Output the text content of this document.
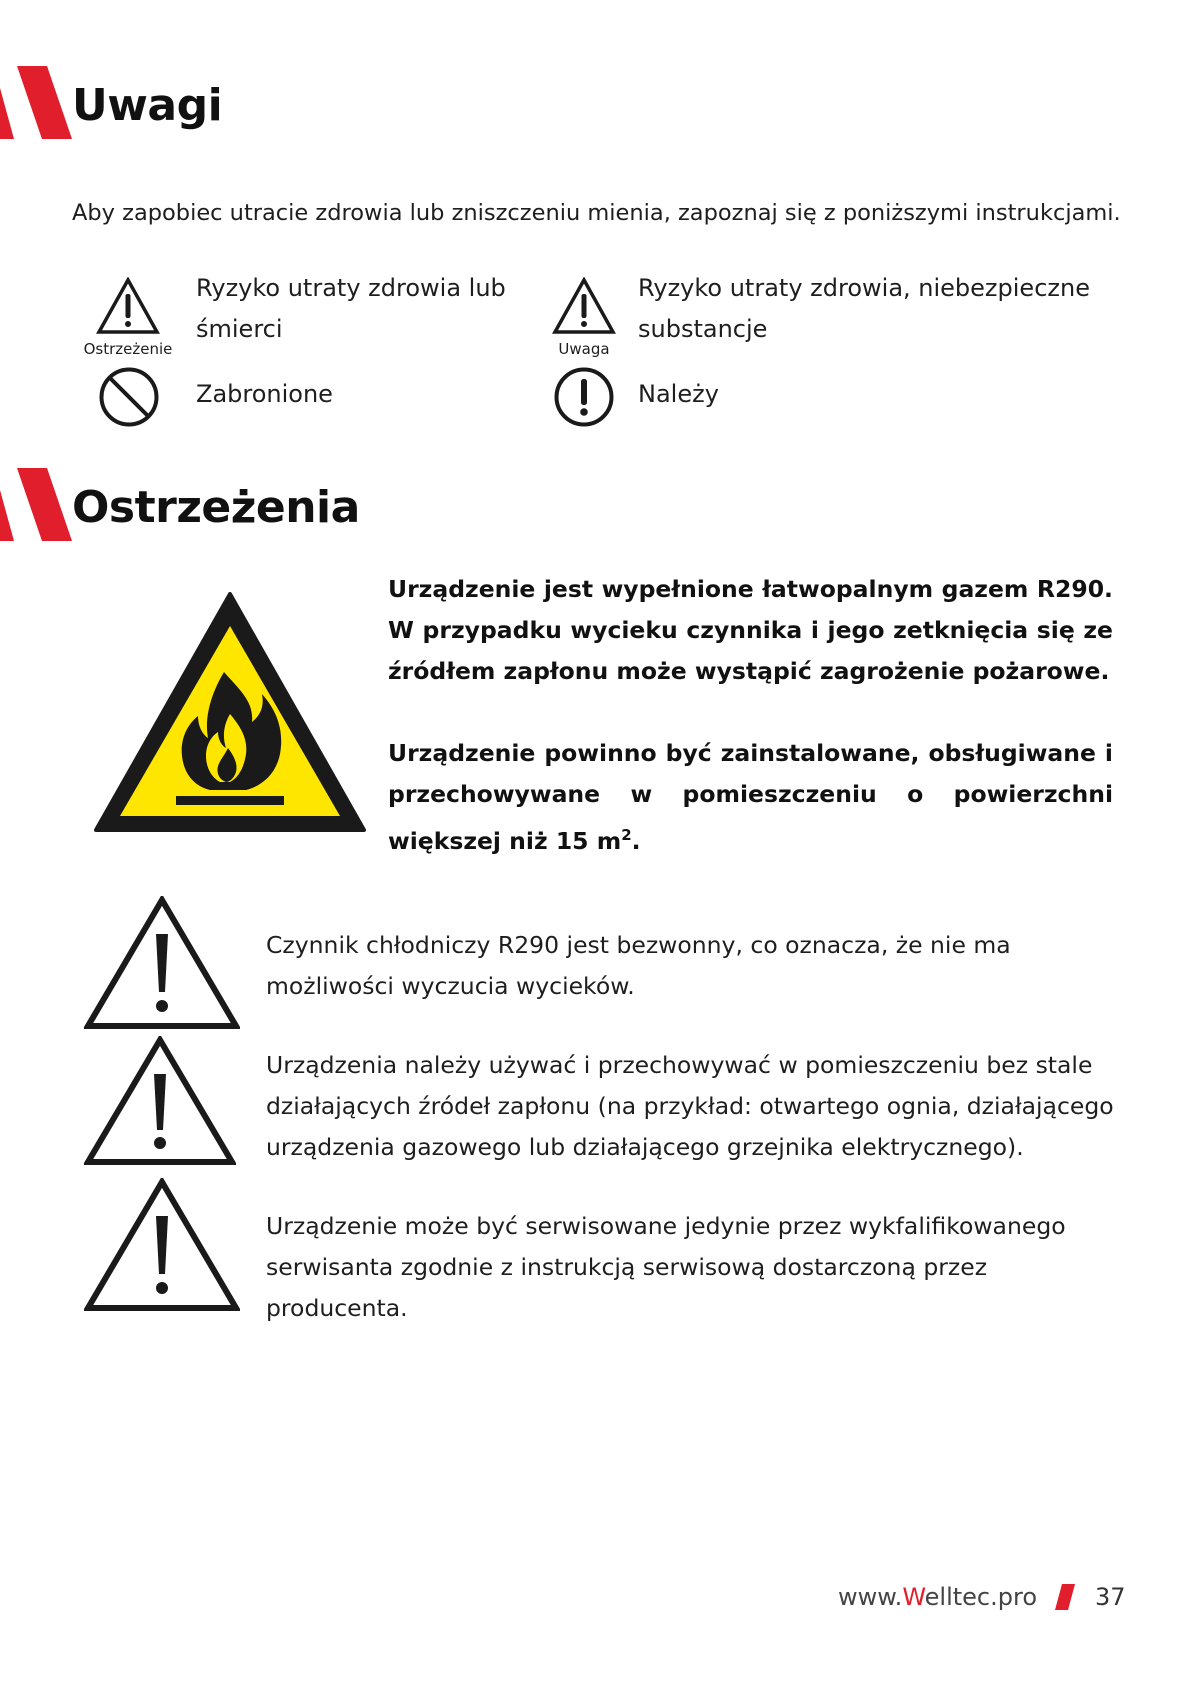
Uwagi
Aby zapobiec utracie zdrowia lub zniszczeniu mienia, zapoznaj się z poniższymi instrukcjami.
Ostrzeżenie
Ryzyko utraty zdrowia lub
śmierci
Uwaga
Ryzyko utraty zdrowia, niebezpieczne
substancje
Zabronione	Należy
Ostrzeżenia

Urządzenie jest wypełnione łatwopalnym gazem R290. W przypadku wycieku czynnika i jego zetknięcia się ze źródłem zapłonu może wystąpić zagrożenie pożarowe.

Urządzenie powinno być zainstalowane, obsługiwane i przechowywane w pomieszczeniu o powierzchni większej niż 15 $m^2$.

Czynnik chłodniczy R290 jest bezwonny, co oznacza, że nie ma

możliwości wyczucia wycieków.

Urządzenia należy używać i przechowywać w pomieszczeniu bez stale

działających źródeł zapłonu (na przykład: otwartego ognia, działającego

urządzenia gazowego lub działającego grzejnika elektrycznego).

Urządzenie może być serwisowane jedynie przez wykfalifikowanego

serwisanta zgodnie z instrukcją serwisową dostarczoną przez producenta.

www.Welltec.pro 37
